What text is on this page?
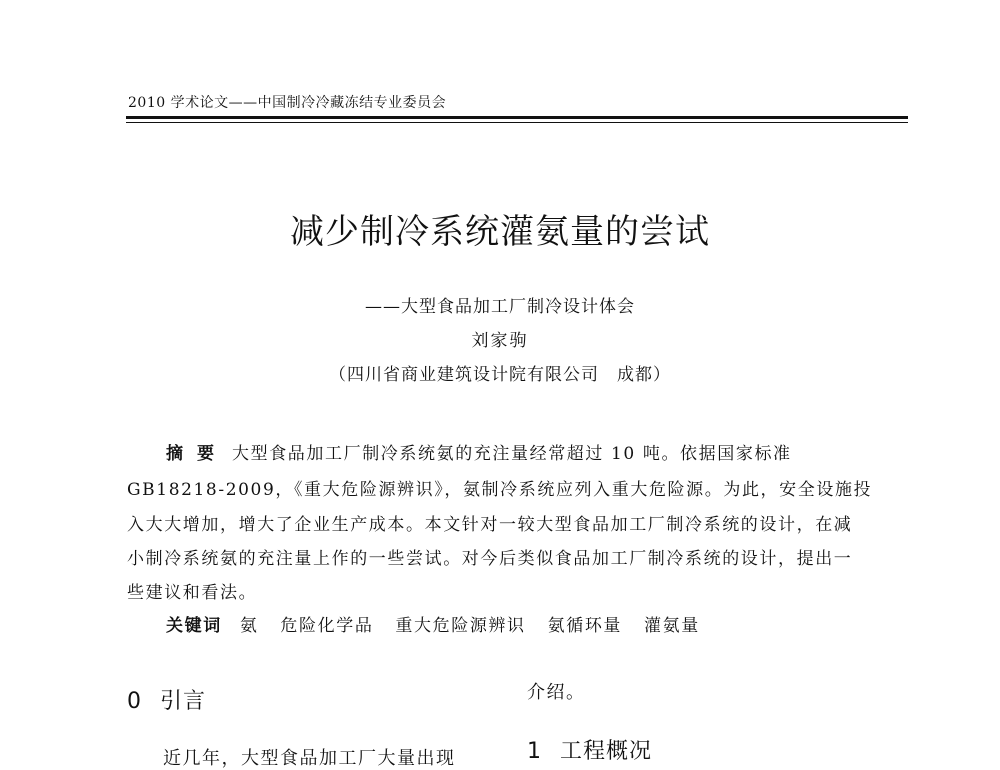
2010 学术论文——中国制冷冷藏冻结专业委员会
减少制冷系统灌氨量的尝试
——大型食品加工厂制冷设计体会
刘家驹
（四川省商业建筑设计院有限公司　成都）
摘要 大型食品加工厂制冷系统氨的充注量经常超过 10 吨。依据国家标准
GB18218-2009，《重大危险源辨识》，氨制冷系统应列入重大危险源。为此，安全设施投
入大大增加，增大了企业生产成本。本文针对一较大型食品加工厂制冷系统的设计，在减
小制冷系统氨的充注量上作的一些尝试。对今后类似食品加工厂制冷系统的设计，提出一
些建议和看法。
关键词 氨 危险化学品 重大危险源辨识 氨循环量 灌氨量
0 引言
近几年，大型食品加工厂大量出现
介绍。
1 工程概况
